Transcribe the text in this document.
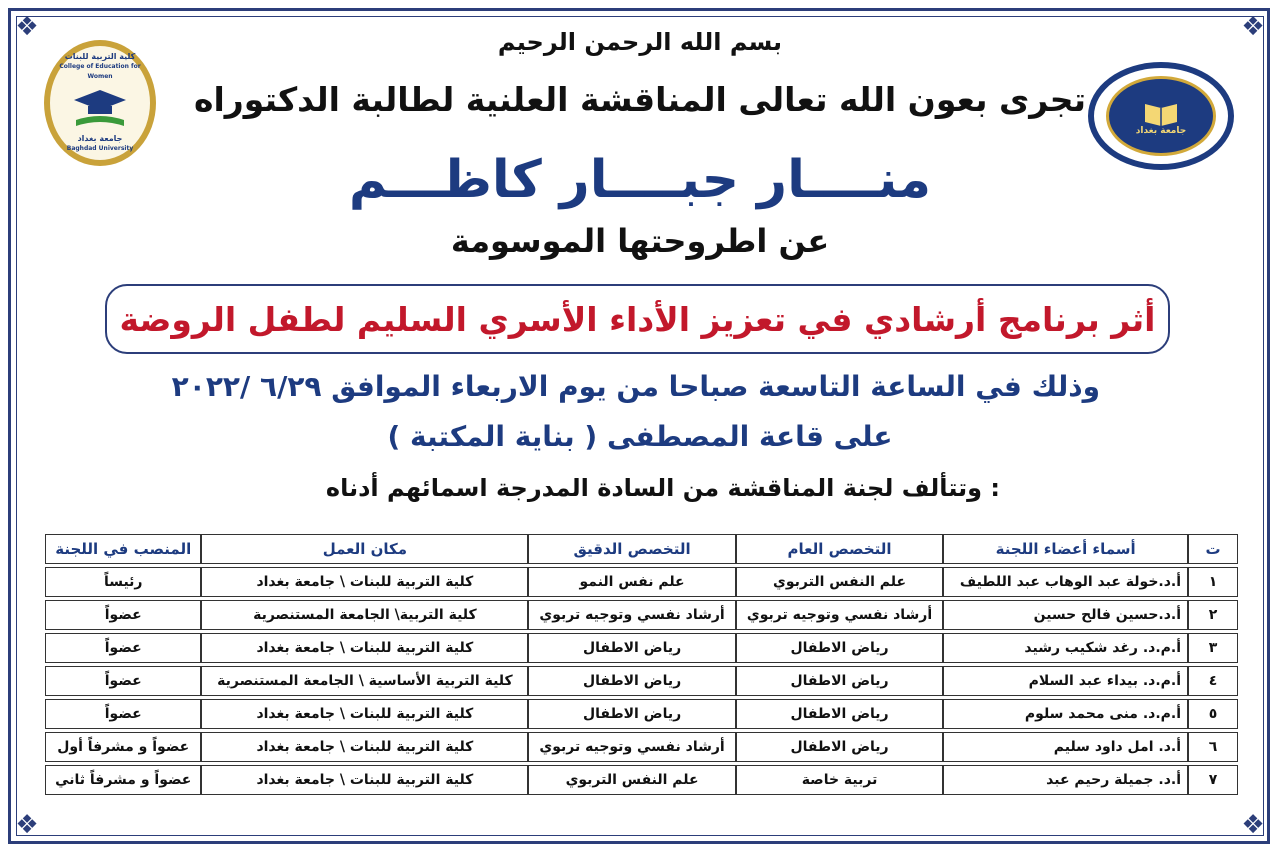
❖	❖
❖	❖
كلية التربية للبنات
College of Education for Women
جامعة بغداد
Baghdad University
جامعة بغداد
بسم الله الرحمن الرحيم
تجرى بعون الله تعالى المناقشة العلنية لطالبة الدكتوراه
منــــار جبــــار كاظـــم
عن اطروحتها الموسومة
أثر برنامج أرشادي في تعزيز الأداء الأسري السليم لطفل الروضة
وذلك في الساعة التاسعة صباحا من يوم الاربعاء الموافق ٦/٢٩ /٢٠٢٢
على قاعة المصطفى ( بناية المكتبة )
وتتألف لجنة المناقشة من السادة المدرجة اسمائهم أدناه :
ت	أسماء أعضاء اللجنة	التخصص العام	التخصص الدقيق	مكان العمل	المنصب في اللجنة
١	أ.د.خولة عبد الوهاب عبد اللطيف	علم النفس التربوي	علم نفس النمو	كلية التربية للبنات \ جامعة بغداد	رئيساً
٢	أ.د.حسين فالح حسين	أرشاد نفسي وتوجيه تربوي	أرشاد نفسي وتوجيه تربوي	كلية التربية\ الجامعة المستنصرية	عضواً
٣	أ.م.د. رغد شكيب رشيد	رياض الاطفال	رياض الاطفال	كلية التربية للبنات \ جامعة بغداد	عضواً
٤	أ.م.د. بيداء عبد السلام	رياض الاطفال	رياض الاطفال	كلية التربية الأساسية \ الجامعة المستنصرية	عضواً
٥	أ.م.د. منى محمد سلوم	رياض الاطفال	رياض الاطفال	كلية التربية للبنات \ جامعة بغداد	عضواً
٦	أ.د. امل داود سليم	رياض الاطفال	أرشاد نفسي وتوجيه تربوي	كلية التربية للبنات \ جامعة بغداد	عضواً و مشرفاً أول
٧	أ.د. جميلة رحيم عبد	تربية خاصة	علم النفس التربوي	كلية التربية للبنات \ جامعة بغداد	عضواً و مشرفاً ثاني
